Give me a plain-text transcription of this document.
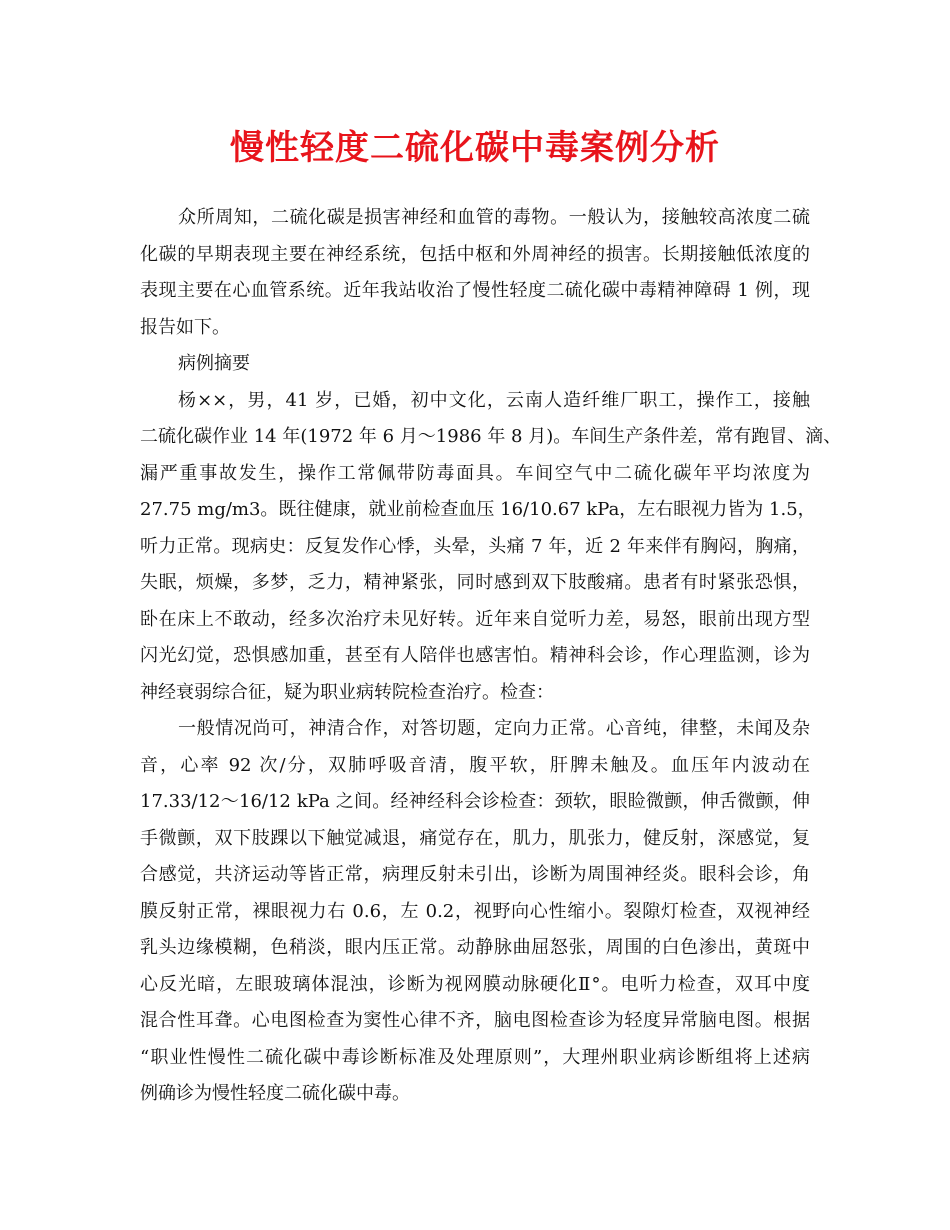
慢性轻度二硫化碳中毒案例分析
众所周知，二硫化碳是损害神经和血管的毒物。一般认为，接触较高浓度二硫
化碳的早期表现主要在神经系统，包括中枢和外周神经的损害。长期接触低浓度的
表现主要在心血管系统。近年我站收治了慢性轻度二硫化碳中毒精神障碍 1 例，现
报告如下。
病例摘要
杨××，男，41 岁，已婚，初中文化，云南人造纤维厂职工，操作工，接触
二硫化碳作业 14 年(1972 年 6 月～1986 年 8 月)。车间生产条件差，常有跑冒、滴、
漏严重事故发生，操作工常佩带防毒面具。车间空气中二硫化碳年平均浓度为
27.75 mg/m3。既往健康，就业前检查血压 16/10.67 kPa，左右眼视力皆为 1.5，
听力正常。现病史：反复发作心悸，头晕，头痛 7 年，近 2 年来伴有胸闷，胸痛，
失眠，烦燥，多梦，乏力，精神紧张，同时感到双下肢酸痛。患者有时紧张恐惧，
卧在床上不敢动，经多次治疗未见好转。近年来自觉听力差，易怒，眼前出现方型
闪光幻觉，恐惧感加重，甚至有人陪伴也感害怕。精神科会诊，作心理监测，诊为
神经衰弱综合征，疑为职业病转院检查治疗。检查：
一般情况尚可，神清合作，对答切题，定向力正常。心音纯，律整，未闻及杂
音，心率 92 次/分，双肺呼吸音清，腹平软，肝脾未触及。血压年内波动在
17.33/12～16/12 kPa 之间。经神经科会诊检查：颈软，眼睑微颤，伸舌微颤，伸
手微颤，双下肢踝以下触觉减退，痛觉存在，肌力，肌张力，健反射，深感觉，复
合感觉，共济运动等皆正常，病理反射未引出，诊断为周围神经炎。眼科会诊，角
膜反射正常，裸眼视力右 0.6，左 0.2，视野向心性缩小。裂隙灯检查，双视神经
乳头边缘模糊，色稍淡，眼内压正常。动静脉曲屈怒张，周围的白色渗出，黄斑中
心反光暗，左眼玻璃体混浊，诊断为视网膜动脉硬化Ⅱ°。电听力检查，双耳中度
混合性耳聋。心电图检查为窦性心律不齐，脑电图检查诊为轻度异常脑电图。根据
“职业性慢性二硫化碳中毒诊断标准及处理原则”，大理州职业病诊断组将上述病
例确诊为慢性轻度二硫化碳中毒。
